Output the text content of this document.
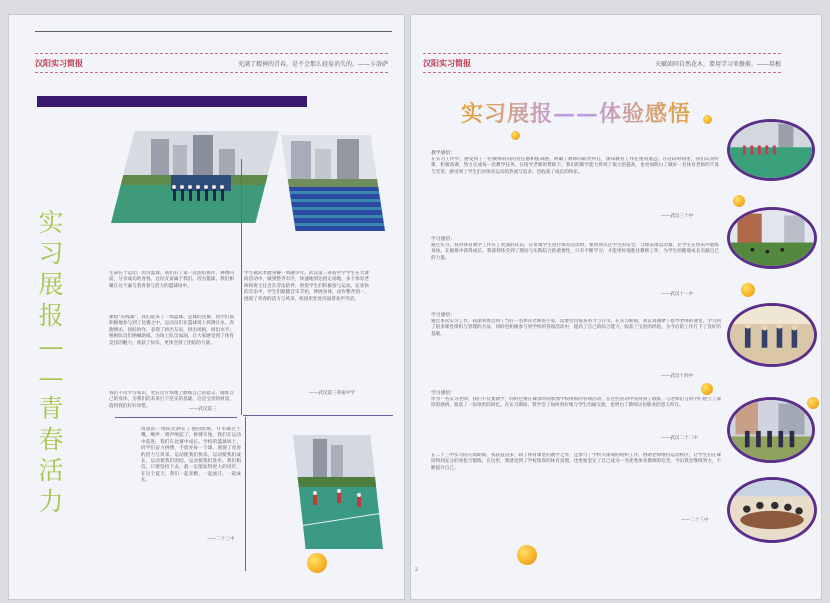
汉阳实习简报	充满了精神的青春，是不会那么轻易消失的。——卡洛萨
实
习
展
报
—
—
青
春
活
力
生命在于运动，因为篮球，我们有了第一次团结协作，拼搏向前，分享成功的喜悦。这份友谊属于我们。因为篮球，我们相聚在这个遍与着青春与活力的篮球场中。
课程“实践课”，我们迎来了一场篮球、足球的比赛，同学们都积极地参与到了比赛之中，运动员们在篮球场上挥洒汗水，奔跑搏杀，团结协作，表现了拼出友谊，拼出风格，拼出水平；啦啦队员们呐喊助威，为场上队员加油，让大家感受到了体育竞技的魅力，收获了快乐，更体会到了团结的力量。
我们不仅学习知识，更在这片场地上磨练自己的意志，锻炼自己的身体，为我们的未来打下坚实的基础。这是宝贵的财富，值得我们好好珍惜。
——武汉第三
学生做武术健身操一周趣少年。武汉第三寄宿中学学生在大课间活动中，做到整齐有序，快速地到达指定场地，多个体育老师和班主任会在旁边陪伴，督促学生们积极参与运动。在欢快的音乐中，学生们跟随音乐节拍，伸展身体，动作整齐划一，展现了青春的活力与风采，校园里处处洋溢着欢声笑语。
——武汉第三寄宿中学
清晨的一缕阳光洒在了他的脸颊，开水刷过于嘴。啊声：哨声响起了，拼搏开始，我们在运动中前进，我们在比赛中成长。学校的篮球场上，同学们奋力拼搏，不放弃每一个球，展现了青春的活力与风采。运动使我们快乐，运动使我们成长，运动使我们团结，运动使我们进步。我们相信，只要坚持下去，就一定能取得更大的进步，在这个夏天，我们一起奔跑，一起流汗，一起成长。
——二十三中
汉阳实习简报	天赋如同自然花木，要用学习来修剪。——培根
实习展报——体验感悟
教学感悟：
在实习工作中，感受到了一位教师肩负的责任感和使命感，明确了教师的职责所在，深知教育工作任重而道远。在这段时间里，我们认真听课，积极备课，努力完成每一次教学任务，在指导老师的帮助下，我们的教学能力得到了很大的提高，也更加明白了做好一名体育老师的不易与光荣，感受到了学生们对体育运动的热爱与追求，也收获了成长的快乐。
——武汉三十中
学习感悟：
通过实习，我对体育教学工作有了更深的认识，在带领学生进行体育活动时，要时刻关注学生的安全，合理安排运动量，让学生在快乐中锻炼身体，在锻炼中获得成长。我深刻体会到了理论与实践结合的重要性，只有不断学习，才能更好地胜任教师工作，为学生的健康成长贡献自己的力量。
——武汉十一中
学习感悟：
通过本次实习工作，我深刻体会到了当好一名体育老师的不易，需要付出很多努力与汗水。在实习期间，我认真观摩了指导老师的课堂，学习到了很多课堂组织与管理的方法，同时也积极参与到学校的各项活动中，提高了自己的综合能力，收获了宝贵的经验，为今后的工作打下了良好的基础。
——武汉十四中
学习感悟：
作为一名实习老师，我们不仅要教学，同时还要在课余时间参加学校组织的各项活动，在这些活动中我得到了锻炼，与老师们与同学们建立了深厚的感情，收获了一份珍贵的回忆。在实习期间，我学会了如何更好地与学生沟通交流，也明白了教师这份职业的意义所在。
——武汉二十二中
在二十三中实习的几周期间，我获益良多，除了体育课堂的教学之外，还参与了学校大课间的组织工作，协助老师维持运动秩序，让学生们在课间得到充分的放松与锻炼。在这里，我感受到了学校浓厚的体育氛围，也更加坚定了自己成为一名优秀体育教师的信念，今后我会继续努力，不断提升自己。
——二十三中
2
